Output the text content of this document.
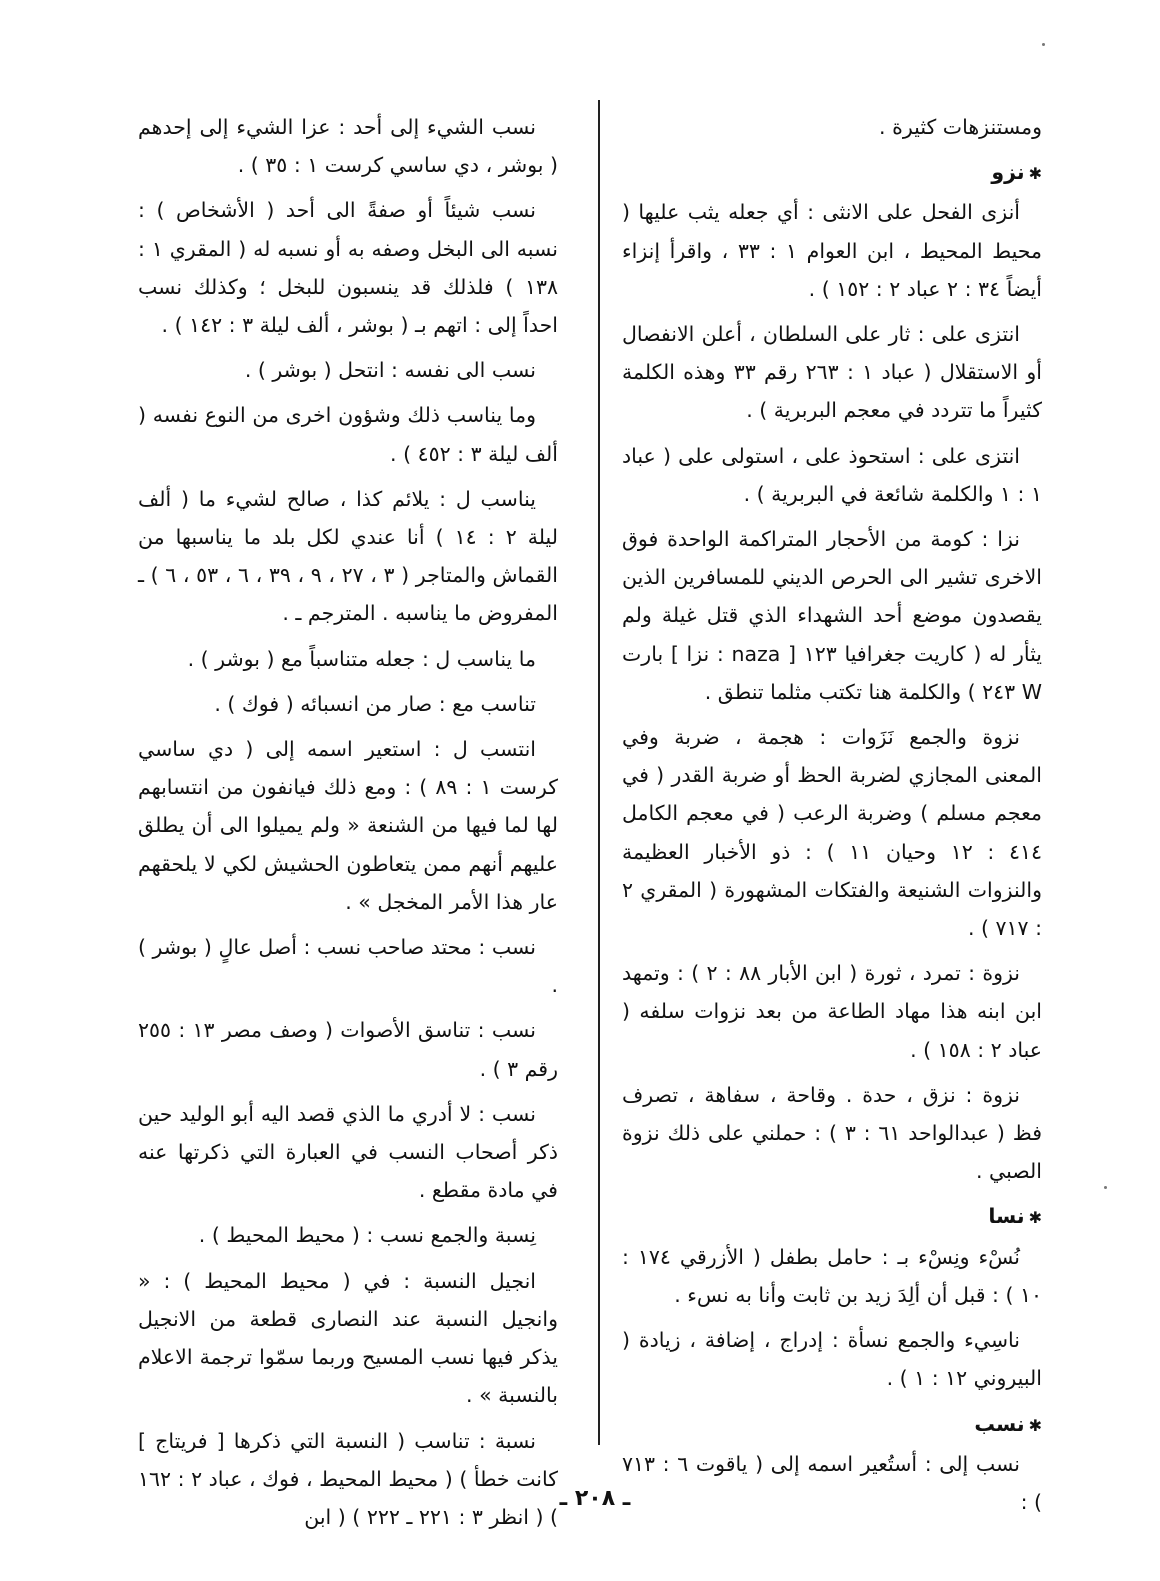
ومستنزهات كثيرة .

✱نزو

أنزى الفحل على الانثى : أي جعله يثب عليها ( محيط المحيط ، ابن العوام ١ : ٣٣ ، واقرأ إنزاء أيضاً ٣٤ : ٢ عباد ٢ : ١٥٢ ) .

انتزى على : ثار على السلطان ، أعلن الانفصال أو الاستقلال ( عباد ١ : ٢٦٣ رقم ٣٣ وهذه الكلمة كثيراً ما تتردد في معجم البربرية ) .

انتزى على : استحوذ على ، استولى على ( عباد ١ : ١ والكلمة شائعة في البربرية ) .

نزا : كومة من الأحجار المتراكمة الواحدة فوق الاخرى تشير الى الحرص الديني للمسافرين الذين يقصدون موضع أحد الشهداء الذي قتل غيلة ولم يثأر له ( كاريت جغرافيا ١٢٣ [ naza : نزا ] بارت W ٢٤٣ ) والكلمة هنا تكتب مثلما تنطق .

نزوة والجمع نَزَوات : هجمة ، ضربة وفي المعنى المجازي لضربة الحظ أو ضربة القدر ( في معجم مسلم ) وضربة الرعب ( في معجم الكامل ٤١٤ : ١٢ وحيان ١١ ) : ذو الأخبار العظيمة والنزوات الشنيعة والفتكات المشهورة ( المقري ٢ : ٧١٧ ) .

نزوة : تمرد ، ثورة ( ابن الأبار ٨٨ : ٢ ) : وتمهد ابن ابنه هذا مهاد الطاعة من بعد نزوات سلفه ( عباد ٢ : ١٥٨ ) .

نزوة : نزق ، حدة . وقاحة ، سفاهة ، تصرف فظ ( عبدالواحد ٦١ : ٣ ) : حملني على ذلك نزوة الصبي .

✱نسا

نُسْء ونِسْء بـ : حامل بطفل ( الأزرقي ١٧٤ : ١٠ ) : قبل أن ألِدَ زيد بن ثابت وأنا به نسء .

ناسِيء والجمع نسأة : إدراج ، إضافة ، زيادة ( البيروني ١٢ : ١ ) .

✱نسب

نسب إلى : أستُعير اسمه إلى ( ياقوت ٦ : ٧١٣ ) :

نسب الشيء إلى أحد : عزا الشيء إلى إحدهم ( بوشر ، دي ساسي كرست ١ : ٣٥ ) .

نسب شيئاً أو صفةً الى أحد ( الأشخاص ) : نسبه الى البخل وصفه به أو نسبه له ( المقري ١ : ١٣٨ ) فلذلك قد ينسبون للبخل ؛ وكذلك نسب احداً إلى : اتهم بـ ( بوشر ، ألف ليلة ٣ : ١٤٢ ) .

نسب الى نفسه : انتحل ( بوشر ) .

وما يناسب ذلك وشؤون اخرى من النوع نفسه ( ألف ليلة ٣ : ٤٥٢ ) .

يناسب ل : يلائم كذا ، صالح لشيء ما ( ألف ليلة ٢ : ١٤ ) أنا عندي لكل بلد ما يناسبها من القماش والمتاجر ( ٣ ، ٢٧ ، ٩ ، ٣٩ ، ٦ ، ٥٣ ، ٦ ) ـ المفروض ما يناسبه . المترجم ـ .

ما يناسب ل : جعله متناسباً مع ( بوشر ) .

تناسب مع : صار من انسبائه ( فوك ) .

انتسب ل : استعير اسمه إلى ( دي ساسي كرست ١ : ٨٩ ) : ومع ذلك فيانفون من انتسابهم لها لما فيها من الشنعة « ولم يميلوا الى أن يطلق عليهم أنهم ممن يتعاطون الحشيش لكي لا يلحقهم عار هذا الأمر المخجل » .

نسب : محتد صاحب نسب : أصل عالٍ ( بوشر ) .

نسب : تناسق الأصوات ( وصف مصر ١٣ : ٢٥٥ رقم ٣ ) .

نسب : لا أدري ما الذي قصد اليه أبو الوليد حين ذكر أصحاب النسب في العبارة التي ذكرتها عنه في مادة مقطع .

نِسبة والجمع نسب : ( محيط المحيط ) .

انجيل النسبة : في ( محيط المحيط ) : « وانجيل النسبة عند النصارى قطعة من الانجيل يذكر فيها نسب المسيح وربما سمّوا ترجمة الاعلام بالنسبة » .

نسبة : تناسب ( النسبة التي ذكرها [ فريتاج ] كانت خطأ ) ( محيط المحيط ، فوك ، عباد ٢ : ١٦٢ ) ( انظر ٣ : ٢٢١ ـ ٢٢٢ ) ( ابن

ـ ٢٠٨ ـ
